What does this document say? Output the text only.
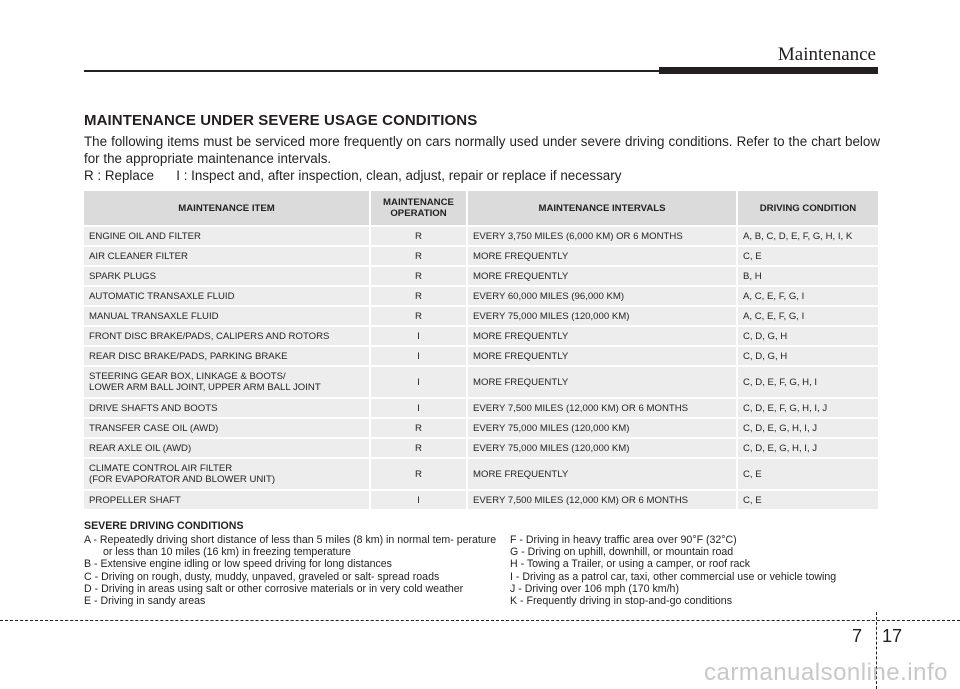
Maintenance
MAINTENANCE UNDER SEVERE USAGE CONDITIONS
The following items must be serviced more frequently on cars normally used under severe driving conditions. Refer to the chart below for the appropriate maintenance intervals.
R : Replace      I : Inspect and, after inspection, clean, adjust, repair or replace if necessary
MAINTENANCE ITEM	MAINTENANCE OPERATION	MAINTENANCE INTERVALS	DRIVING CONDITION
ENGINE OIL AND FILTER	R	EVERY 3,750 MILES (6,000 KM) OR 6 MONTHS	A, B, C, D, E, F, G, H, I, K
AIR CLEANER FILTER	R	MORE FREQUENTLY	C, E
SPARK PLUGS	R	MORE FREQUENTLY	B, H
AUTOMATIC TRANSAXLE FLUID	R	EVERY 60,000 MILES (96,000 KM)	A, C, E, F, G, I
MANUAL TRANSAXLE FLUID	R	EVERY 75,000 MILES (120,000 KM)	A, C, E, F, G, I
FRONT DISC BRAKE/PADS, CALIPERS AND ROTORS	I	MORE FREQUENTLY	C, D, G, H
REAR DISC BRAKE/PADS, PARKING BRAKE	I	MORE FREQUENTLY	C, D, G, H

STEERING GEAR BOX, LINKAGE & BOOTS/
LOWER ARM BALL JOINT, UPPER ARM BALL JOINT	I	MORE FREQUENTLY	C, D, E, F, G, H, I
DRIVE SHAFTS AND BOOTS	I	EVERY 7,500 MILES (12,000 KM) OR 6 MONTHS	C, D, E, F, G, H, I, J
TRANSFER CASE OIL (AWD)	R	EVERY 75,000 MILES (120,000 KM)	C, D, E, G, H, I, J
REAR AXLE OIL (AWD)	R	EVERY 75,000 MILES (120,000 KM)	C, D, E, G, H, I, J

CLIMATE CONTROL AIR FILTER
(FOR EVAPORATOR AND BLOWER UNIT)	R	MORE FREQUENTLY	C, E
PROPELLER SHAFT	I	EVERY 7,500 MILES (12,000 KM) OR 6 MONTHS	C, E
SEVERE DRIVING CONDITIONS

A - Repeatedly driving short distance of less than 5 miles (8 km) in normal tem- perature or less than 10 miles (16 km) in freezing temperature

B - Extensive engine idling or low speed driving for long distances

C - Driving on rough, dusty, muddy, unpaved, graveled or salt- spread roads

D - Driving in areas using salt or other corrosive materials or in very cold weather

E - Driving in sandy areas

F - Driving in heavy traffic area over 90°F (32°C)

G - Driving on uphill, downhill, or mountain road

H - Towing a Trailer, or using a camper, or roof rack

I - Driving as a patrol car, taxi, other commercial use or vehicle towing

J - Driving over 106 mph (170 km/h)

K - Frequently driving in stop-and-go conditions

7 17
carmanualsonline.info
